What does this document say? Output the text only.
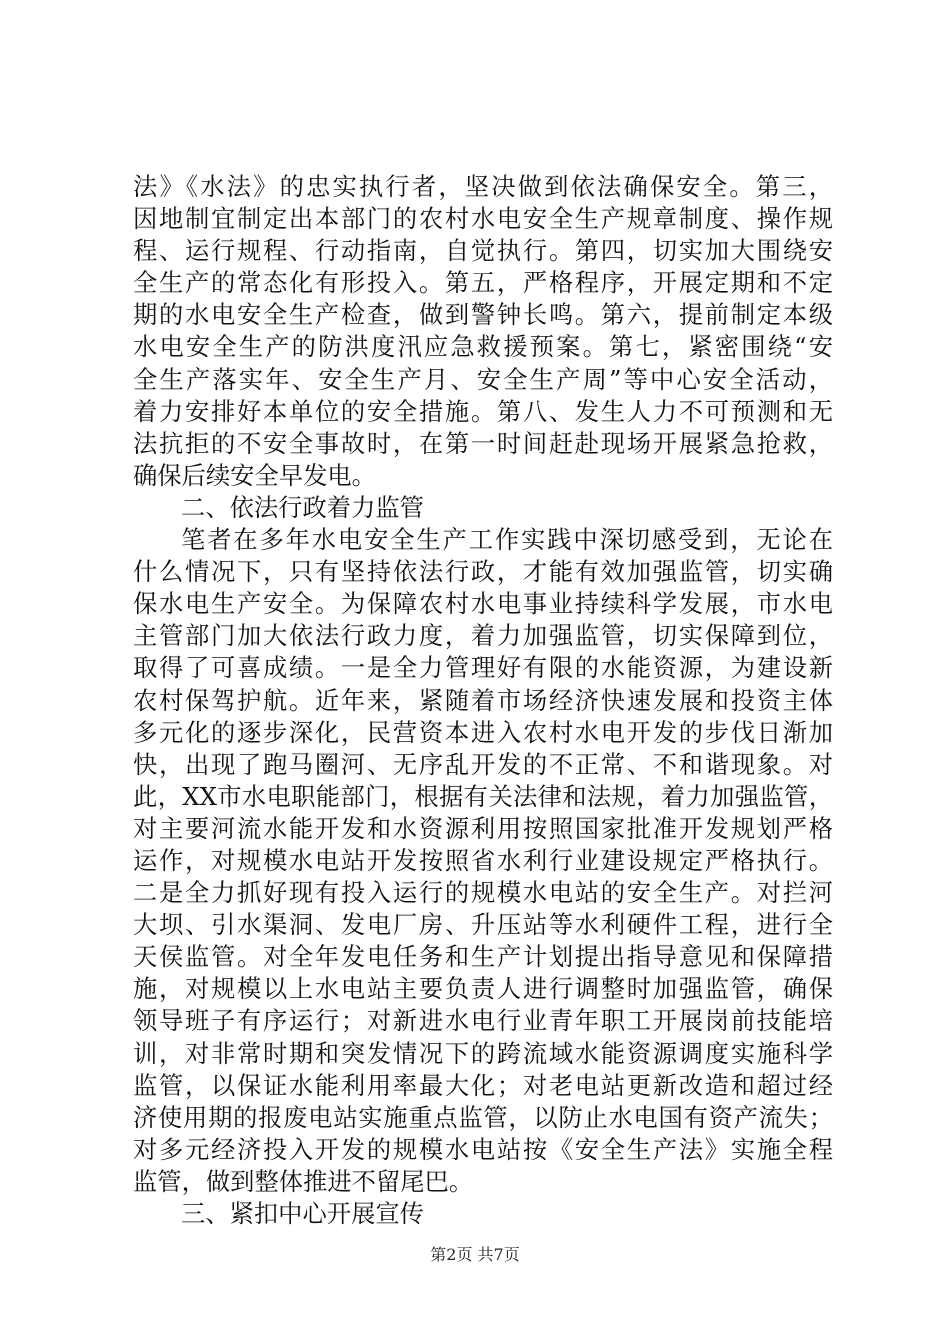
法》《水法》的忠实执行者，坚决做到依法确保安全。第三，
因地制宜制定出本部门的农村水电安全生产规章制度、操作规
程、运行规程、行动指南，自觉执行。第四，切实加大围绕安
全生产的常态化有形投入。第五，严格程序，开展定期和不定
期的水电安全生产检查，做到警钟长鸣。第六，提前制定本级
水电安全生产的防洪度汛应急救援预案。第七，紧密围绕“安
全生产落实年、安全生产月、安全生产周”等中心安全活动，
着力安排好本单位的安全措施。第八、发生人力不可预测和无
法抗拒的不安全事故时，在第一时间赶赴现场开展紧急抢救，
确保后续安全早发电。
二、依法行政着力监管
笔者在多年水电安全生产工作实践中深切感受到，无论在
什么情况下，只有坚持依法行政，才能有效加强监管，切实确
保水电生产安全。为保障农村水电事业持续科学发展，市水电
主管部门加大依法行政力度，着力加强监管，切实保障到位，
取得了可喜成绩。一是全力管理好有限的水能资源，为建设新
农村保驾护航。近年来，紧随着市场经济快速发展和投资主体
多元化的逐步深化，民营资本进入农村水电开发的步伐日渐加
快，出现了跑马圈河、无序乱开发的不正常、不和谐现象。对
此，XX市水电职能部门，根据有关法律和法规，着力加强监管，
对主要河流水能开发和水资源利用按照国家批准开发规划严格
运作，对规模水电站开发按照省水利行业建设规定严格执行。
二是全力抓好现有投入运行的规模水电站的安全生产。对拦河
大坝、引水渠洞、发电厂房、升压站等水利硬件工程，进行全
天侯监管。对全年发电任务和生产计划提出指导意见和保障措
施，对规模以上水电站主要负责人进行调整时加强监管，确保
领导班子有序运行；对新进水电行业青年职工开展岗前技能培
训，对非常时期和突发情况下的跨流域水能资源调度实施科学
监管，以保证水能利用率最大化；对老电站更新改造和超过经
济使用期的报废电站实施重点监管，以防止水电国有资产流失；
对多元经济投入开发的规模水电站按《安全生产法》实施全程
监管，做到整体推进不留尾巴。
三、紧扣中心开展宣传
第2页 共7页
